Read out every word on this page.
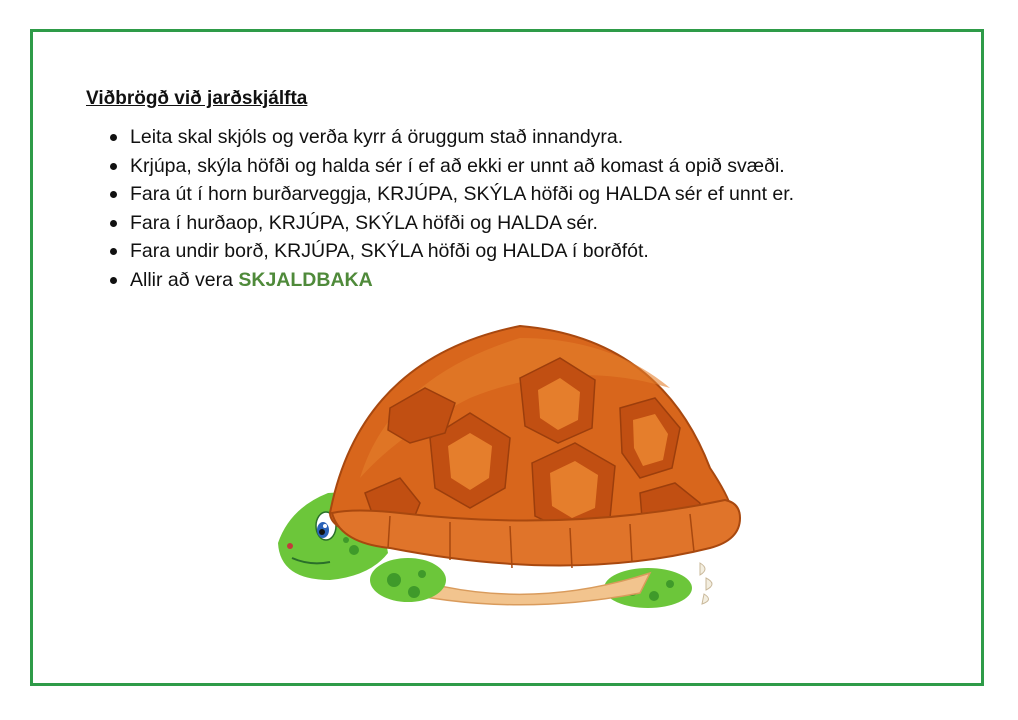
Viðbrögð við jarðskjálfta
Leita skal skjóls og verða kyrr á öruggum stað innandyra.
Krjúpa, skýla höfði og halda sér í ef að ekki er unnt að komast á opið svæði.
Fara út í horn burðarveggja, KRJÚPA, SKÝLA höfði og HALDA sér ef unnt er.
Fara í hurðaop, KRJÚPA, SKÝLA höfði og HALDA sér.
Fara undir borð, KRJÚPA, SKÝLA höfði og HALDA í borðfót.
Allir að vera SKJALDBAKA
